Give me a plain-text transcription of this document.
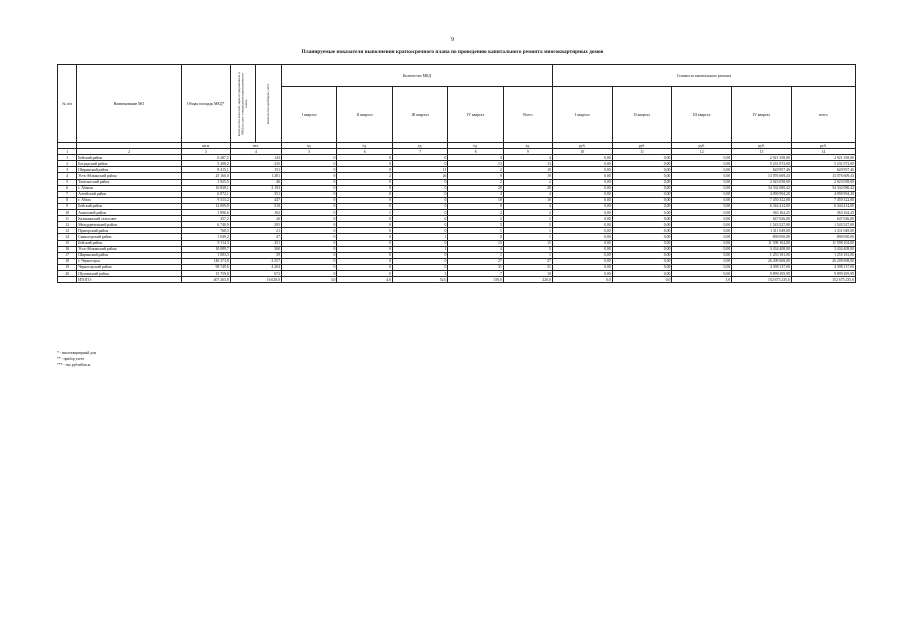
9
Планируемые показатели выполнения краткосрочного плана по проведению капитального ремонта многоквартирных домов
№ п/п	Наименование МО	Общая площадь МКД*	Количество жителей, зарегистрированных в МКД на дату утверждения краткосрочного плана	Количество приборов учета	Количество МКД					Стоимость капитального ремонта				
					I квартал	II квартал	III квартал	IV квартал	Всего	I квартал	II квартал	III квартал	IV квартал	всего
		кв.м	чел.		ед.	ед.	ед.	ед.	ед.	руб.	руб.	руб.	руб.	руб.
1	2	3	4		5	6	7	8	9	10	11	12	13	14
1	Бейский район	6 287,5	143		0	0	0	4	4	0,00	0,00	0,00	2 921 358,00	2 921 358,00
2	Боградский район	5 208,2	235		0	0	0	13	13	0,00	0,00	0,00	5 231 072,00	5 231 072,00
3	Ширинский район	8 415,1	151		0	0	11	2	10	0,00	0,00	0,00	620 957,46	620 957,46
4	Усть-Абаканский район	25 160,0	1 281		0	2	26	9	19	0,00	0,00	0,00	13 076 609,43	13 076 609,43
5	Таштыпский район	1 925,5	46		0	0	0	2	2	0,00	0,00	0,00	2 023 058,00	2 023 058,00
6	г. Абакан	16 828,1	2 193		0	0	0	28	28	0,00	0,00	0,00	34 332 080,42	34 332 080,42
7	Алтайский район	6 872,1	351		0	0	0	4	4	0,00	0,00	0,00	4 090 994,20	4 090 994,20
8	г. Абаза	9 313,2	447		0	0	0	10	10	0,00	0,00	0,00	7 450 322,80	7 450 322,80
9	Бейский район	12 009,8	510		0	0	0	0	4	0,00	0,00	0,00	6 344 414,00	6 344 414,00
10	Аскизский район	1 896,6	162		0	1	0	2	2	0,00	0,00	0,00	363 162,25	363 162,25
11	Калининский сельсовет	357,2	26		0	0	0	1	1	0,00	0,00	0,00	647 026,00	647 026,00
12	Междуреченский район	6 740,9	295		0	0	0	5	5	0,00	0,00	0,00	1 543 527,00	1 543 527,00
13	Пригорский район	768,5	21		0	0	0	1	1	0,00	0,00	0,00	1 311 049,00	1 311 049,00
14	Саяногорский район	1 049,2	47		0	0	1	0	1	0,00	0,00	0,00	890 050,00	890 050,00
15	Бейский район	9 114,3	251		0	0	0	15	15	0,00	0,00	0,00	11 598 104,00	11 598 104,00
16	Усть-Абаканский район	10 089,7	360		0	0	1	4	5	0,00	0,00	0,00	3 434 408,00	3 434 408,00
17	Ширинский район	1 083,3	39		0	0	0	1	1	0,00	0,00	0,00	1 255 181,00	1 255 181,00
18	г. Черногорск	146 373,8	2 257		0	0	0	27	27	0,00	0,00	0,00	26 209 608,00	26 209 608,00
19	Черногорский район	98 749,6	4 204		0	0	0	31	31	0,00	0,00	0,00	4 398 137,00	4 398 137,00
20	Шушенский район	15 759,8	672		0	0	3	7	10	0,00	0,00	0,00	9 899 295,99	9 899 295,99
	ИТОГО:	407 263,8	16 028,0		3,0	4,0	52,0	158,0	220,0	0,0	0,0	1,0	152 675 235,6	152 675 235,6
* - многоквартирный дом
** - прибор учета
*** - тыс.рублей/кв.м.
